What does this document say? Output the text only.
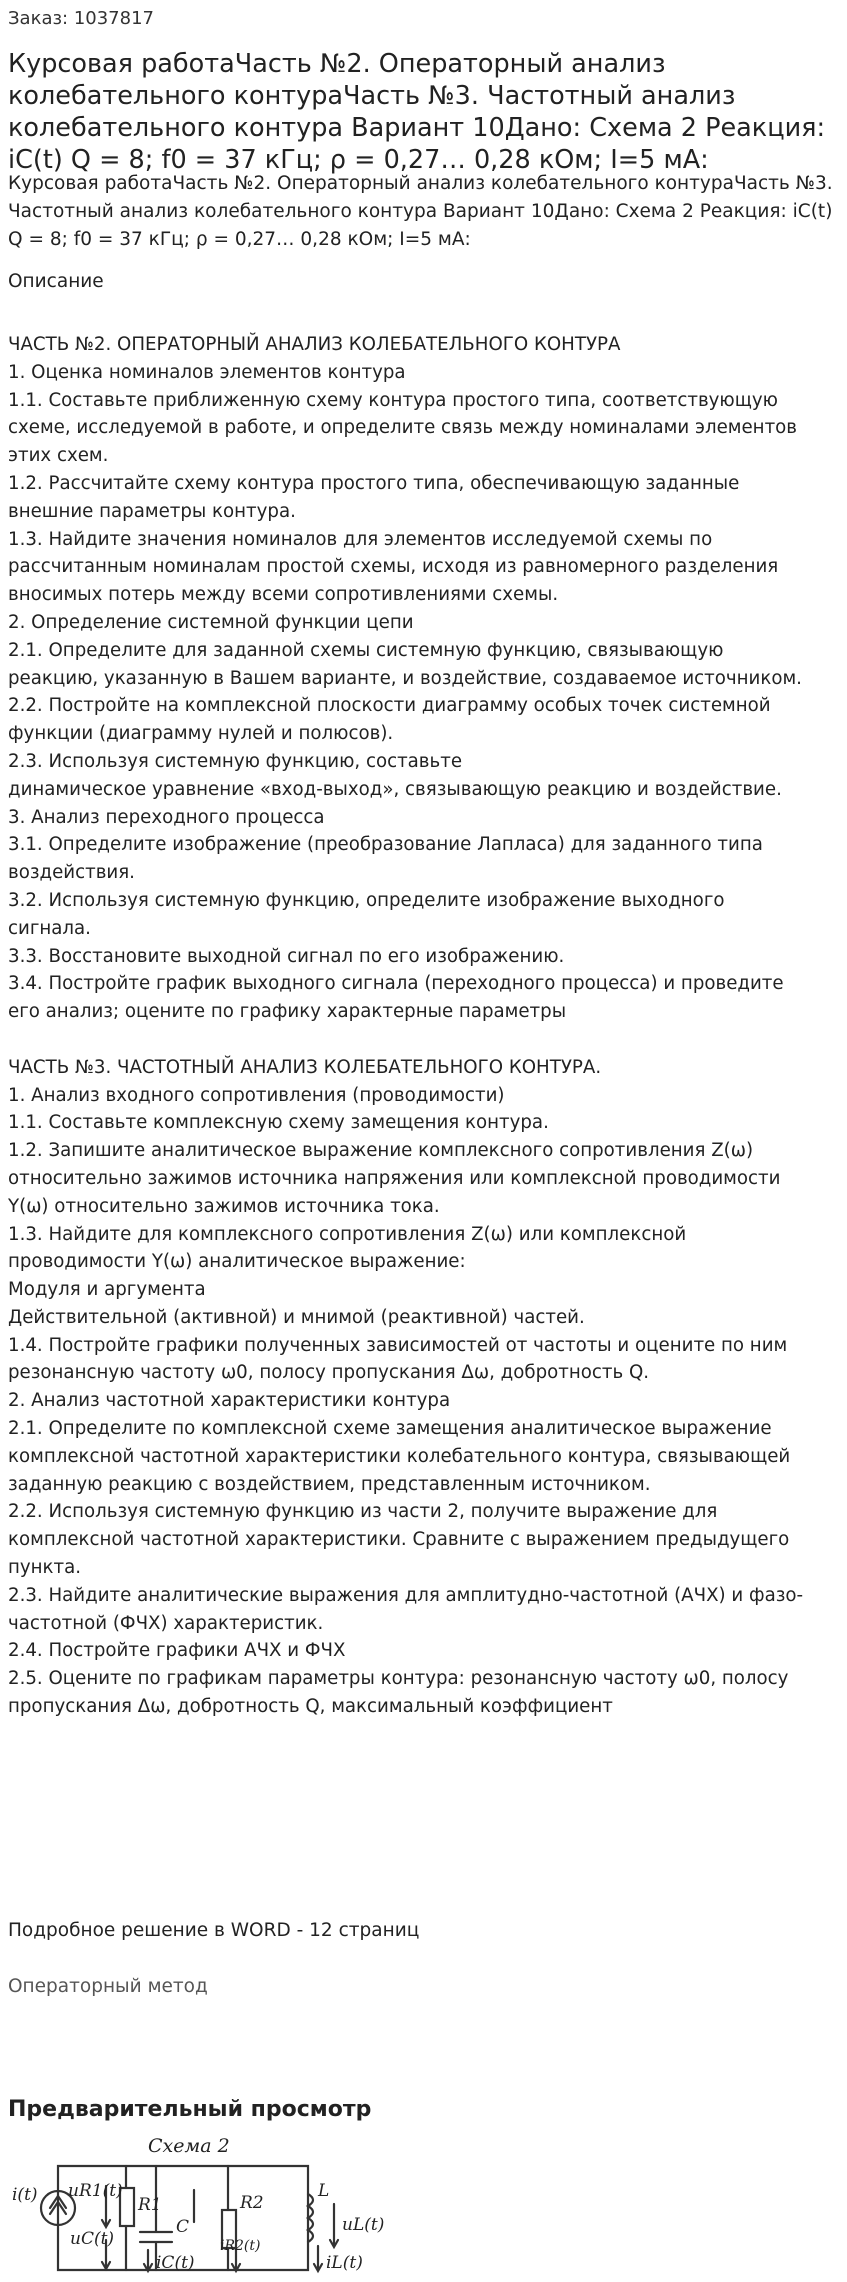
Заказ: 1037817
Курсовая работаЧасть №2. Операторный анализ колебательного контураЧасть №3. Частотный анализ колебательного контура Вариант 10Дано: Схема 2 Реакция: iC(t) Q = 8; f0 = 37 кГц; ρ = 0,27… 0,28 кОм; I=5 мА:
Курсовая работаЧасть №2. Операторный анализ колебательного контураЧасть №3. Частотный анализ колебательного контура Вариант 10Дано: Схема 2 Реакция: iC(t) Q = 8; f0 = 37 кГц; ρ = 0,27… 0,28 кОм; I=5 мА:
Описание
ЧАСТЬ №2. ОПЕРАТОРНЫЙ АНАЛИЗ КОЛЕБАТЕЛЬНОГО КОНТУРА
1. Оценка номиналов элементов контура
1.1. Составьте приближенную схему контура простого типа, соответствующую
схеме, исследуемой в работе, и определите связь между номиналами элементов
этих схем.
1.2. Рассчитайте схему контура простого типа, обеспечивающую заданные
внешние параметры контура.
1.3. Найдите значения номиналов для элементов исследуемой схемы по
рассчитанным номиналам простой схемы, исходя из равномерного разделения
вносимых потерь между всеми сопротивлениями схемы.
2. Определение системной функции цепи
2.1. Определите для заданной схемы системную функцию, связывающую
реакцию, указанную в Вашем варианте, и воздействие, создаваемое источником.
2.2. Постройте на комплексной плоскости диаграмму особых точек системной
функции (диаграмму нулей и полюсов).
2.3. Используя системную функцию, составьте
динамическое уравнение «вход-выход», связывающую реакцию и воздействие.
3. Анализ переходного процесса
3.1. Определите изображение (преобразование Лапласа) для заданного типа
воздействия.
3.2. Используя системную функцию, определите изображение выходного
сигнала.
3.3. Восстановите выходной сигнал по его изображению.
3.4. Постройте график выходного сигнала (переходного процесса) и проведите
его анализ; оцените по графику характерные параметры
ЧАСТЬ №3. ЧАСТОТНЫЙ АНАЛИЗ КОЛЕБАТЕЛЬНОГО КОНТУРА.
1. Анализ входного сопротивления (проводимости)
1.1. Составьте комплексную схему замещения контура.
1.2. Запишите аналитическое выражение комплексного сопротивления Z(ω)
относительно зажимов источника напряжения или комплексной проводимости
Y(ω) относительно зажимов источника тока.
1.3. Найдите для комплексного сопротивления Z(ω) или комплексной
проводимости Y(ω) аналитическое выражение:
Модуля и аргумента
Действительной (активной) и мнимой (реактивной) частей.
1.4. Постройте графики полученных зависимостей от частоты и оцените по ним
резонансную частоту ω0, полосу пропускания Δω, добротность Q.
2. Анализ частотной характеристики контура
2.1. Определите по комплексной схеме замещения аналитическое выражение
комплексной частотной характеристики колебательного контура, связывающей
заданную реакцию с воздействием, представленным источником.
2.2. Используя системную функцию из части 2, получите выражение для
комплексной частотной характеристики. Сравните с выражением предыдущего
пункта.
2.3. Найдите аналитические выражения для амплитудно-частотной (АЧХ) и фазо-
частотной (ФЧХ) характеристик.
2.4. Постройте графики АЧХ и ФЧХ
2.5. Оцените по графикам параметры контура: резонансную частоту ω0, полосу
пропускания Δω, добротность Q, максимальный коэффициент
Подробное решение в WORD - 12 страниц
Операторный метод
Предварительный просмотр
Схема 2
i(t) uR1(t)
R1
uC(t)
C
iC(t)
R2
iR2(t)
L
uL(t)
iL(t)
